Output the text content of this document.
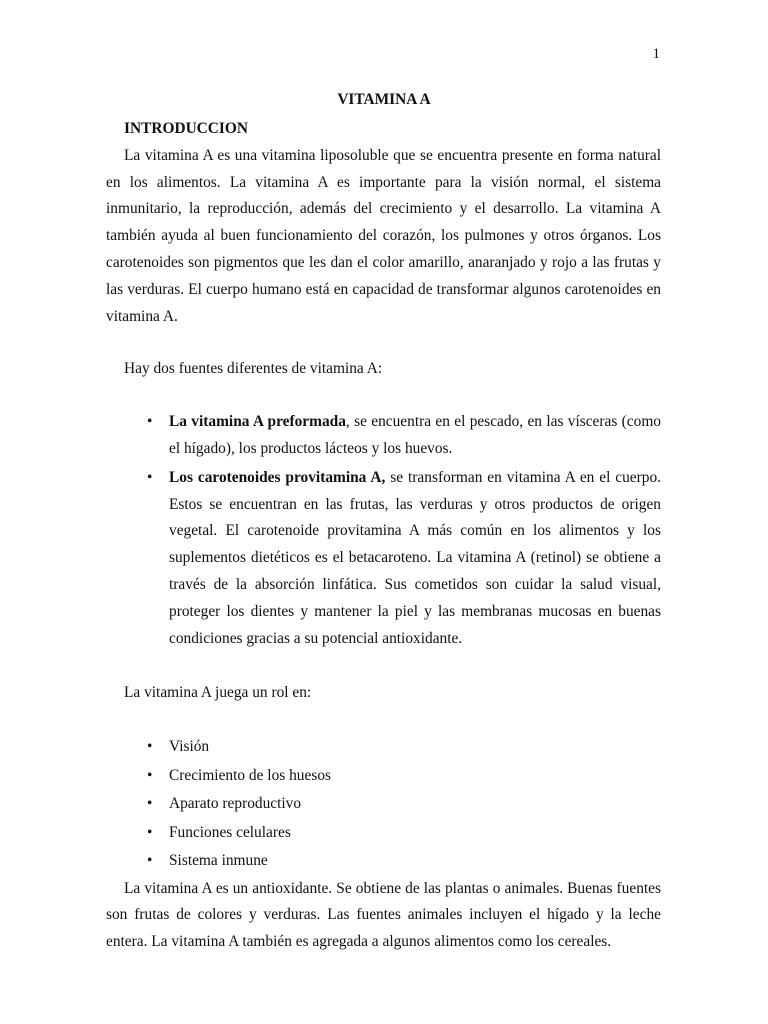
1
VITAMINA A
INTRODUCCION

La vitamina A es una vitamina liposoluble que se encuentra presente en forma natural en los alimentos. La vitamina A es importante para la visión normal, el sistema inmunitario, la reproducción, además del crecimiento y el desarrollo. La vitamina A también ayuda al buen funcionamiento del corazón, los pulmones y otros órganos. Los carotenoides son pigmentos que les dan el color amarillo, anaranjado y rojo a las frutas y las verduras. El cuerpo humano está en capacidad de transformar algunos carotenoides en vitamina A.

Hay dos fuentes diferentes de vitamina A:

• La vitamina A preformada, se encuentra en el pescado, en las vísceras (como el hígado), los productos lácteos y los huevos.
• Los carotenoides provitamina A, se transforman en vitamina A en el cuerpo. Estos se encuentran en las frutas, las verduras y otros productos de origen vegetal. El carotenoide provitamina A más común en los alimentos y los suplementos dietéticos es el betacaroteno. La vitamina A (retinol) se obtiene a través de la absorción linfática. Sus cometidos son cuidar la salud visual, proteger los dientes y mantener la piel y las membranas mucosas en buenas condiciones gracias a su potencial antioxidante.

La vitamina A juega un rol en:

• Visión
• Crecimiento de los huesos
• Aparato reproductivo
• Funciones celulares
• Sistema inmune

La vitamina A es un antioxidante. Se obtiene de las plantas o animales. Buenas fuentes son frutas de colores y verduras. Las fuentes animales incluyen el hígado y la leche entera. La vitamina A también es agregada a algunos alimentos como los cereales.
